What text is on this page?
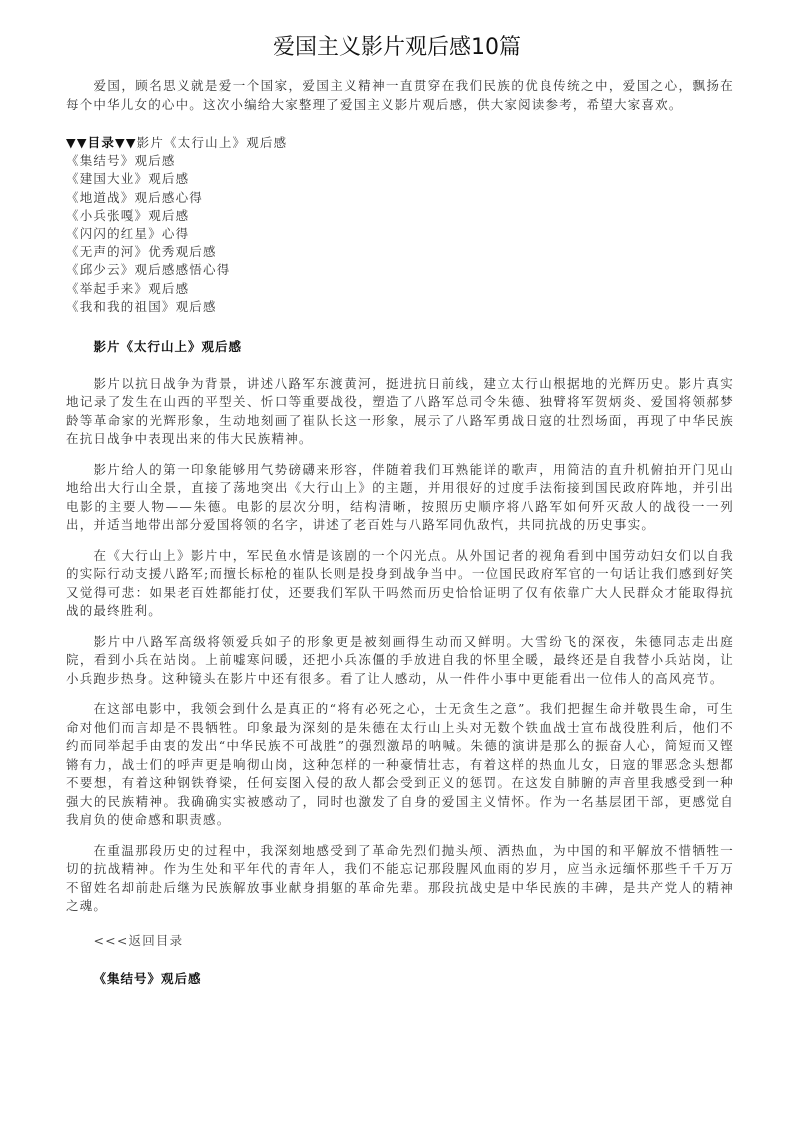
爱国主义影片观后感10篇

爱国，顾名思义就是爱一个国家，爱国主义精神一直贯穿在我们民族的优良传统之中，爱国之心，飘扬在每个中华儿女的心中。这次小编给大家整理了爱国主义影片观后感，供大家阅读参考，希望大家喜欢。

▼▼目录▼▼影片《太行山上》观后感
《集结号》观后感
《建国大业》观后感
《地道战》观后感心得
《小兵张嘎》观后感
《闪闪的红星》心得
《无声的河》优秀观后感
《邱少云》观后感感悟心得
《举起手来》观后感
《我和我的祖国》观后感
影片《太行山上》观后感

影片以抗日战争为背景，讲述八路军东渡黄河，挺进抗日前线，建立太行山根据地的光辉历史。影片真实地记录了发生在山西的平型关、忻口等重要战役，塑造了八路军总司令朱德、独臂将军贺炳炎、爱国将领郝梦龄等革命家的光辉形象，生动地刻画了崔队长这一形象，展示了八路军勇战日寇的壮烈场面，再现了中华民族在抗日战争中表现出来的伟大民族精神。

影片给人的第一印象能够用气势磅礴来形容，伴随着我们耳熟能详的歌声，用简洁的直升机俯拍开门见山地给出大行山全景，直接了荡地突出《大行山上》的主题，并用很好的过度手法衔接到国民政府阵地，并引出电影的主要人物——朱德。电影的层次分明，结构清晰，按照历史顺序将八路军如何歼灭敌人的战役一一列出，并适当地带出部分爱国将领的名字，讲述了老百姓与八路军同仇敌忾，共同抗战的历史事实。

在《大行山上》影片中，军民鱼水情是该剧的一个闪光点。从外国记者的视角看到中国劳动妇女们以自我的实际行动支援八路军;而擅长标枪的崔队长则是投身到战争当中。一位国民政府军官的一句话让我们感到好笑又觉得可悲：如果老百姓都能打仗，还要我们军队干吗然而历史恰恰证明了仅有依靠广大人民群众才能取得抗战的最终胜利。

影片中八路军高级将领爱兵如子的形象更是被刻画得生动而又鲜明。大雪纷飞的深夜，朱德同志走出庭院，看到小兵在站岗。上前嘘寒问暖，还把小兵冻僵的手放进自我的怀里全暖，最终还是自我替小兵站岗，让小兵跑步热身。这种镜头在影片中还有很多。看了让人感动，从一件件小事中更能看出一位伟人的高风亮节。

在这部电影中，我领会到什么是真正的“将有必死之心，士无贪生之意”。我们把握生命并敬畏生命，可生命对他们而言却是不畏牺牲。印象最为深刻的是朱德在太行山上头对无数个铁血战士宣布战役胜利后，他们不约而同举起手由衷的发出“中华民族不可战胜”的强烈激昂的呐喊。朱德的演讲是那么的振奋人心，简短而又铿锵有力，战士们的呼声更是响彻山岗，这种怎样的一种豪情壮志，有着这样的热血儿女，日寇的罪恶念头想都不要想，有着这种钢铁脊梁，任何妄图入侵的敌人都会受到正义的惩罚。在这发自肺腑的声音里我感受到一种强大的民族精神。我确确实实被感动了，同时也激发了自身的爱国主义情怀。作为一名基层团干部，更感觉自我肩负的使命感和职责感。

在重温那段历史的过程中，我深刻地感受到了革命先烈们抛头颅、洒热血，为中国的和平解放不惜牺牲一切的抗战精神。作为生处和平年代的青年人，我们不能忘记那段腥风血雨的岁月，应当永远缅怀那些千千万万不留姓名却前赴后继为民族解放事业献身捐躯的革命先辈。那段抗战史是中华民族的丰碑，是共产党人的精神之魂。

<<<返回目录
《集结号》观后感
